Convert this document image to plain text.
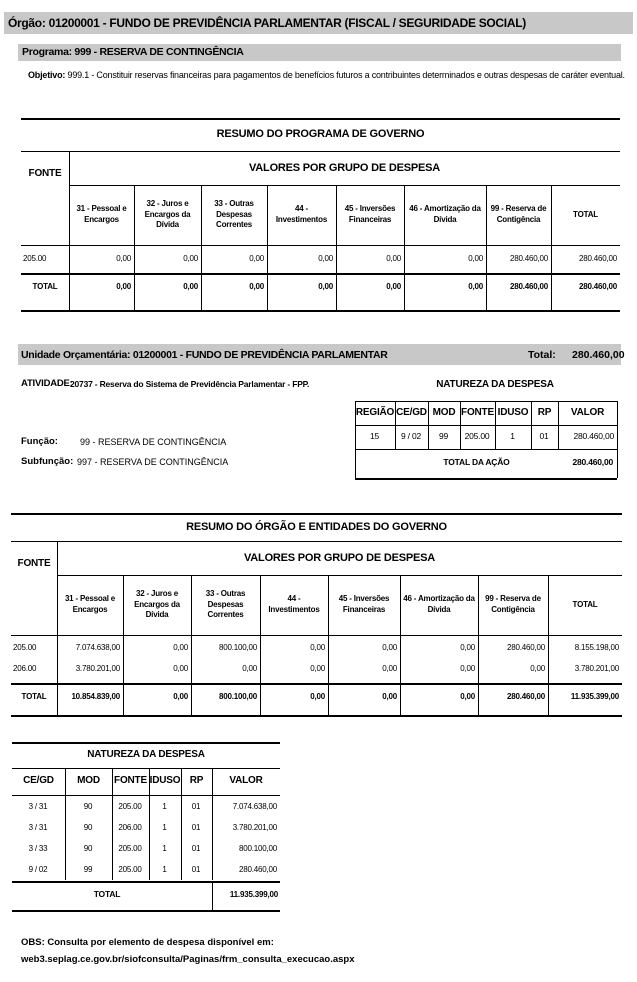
Órgão: 01200001 - FUNDO DE PREVIDÊNCIA PARLAMENTAR (FISCAL / SEGURIDADE SOCIAL)
Programa: 999 - RESERVA DE CONTINGÊNCIA
Objetivo: 999.1 - Constituir reservas financeiras para pagamentos de benefícios futuros a contribuintes determinados e outras despesas de caráter eventual.
RESUMO DO PROGRAMA DE GOVERNO
VALORES POR GRUPO DE DESPESA
FONTE
31 - Pessoal e Encargos
32 - Juros e Encargos da Dívida
33 - Outras Despesas Correntes
44 - Investimentos
45 - Inversões Financeiras
46 - Amortização da Dívida
99 - Reserva de Contigência
TOTAL
205.00	0,00	0,00	0,00	0,00	0,00	0,00	280.460,00	280.460,00
TOTAL	0,00	0,00	0,00	0,00	0,00	0,00	280.460,00	280.460,00
Unidade Orçamentária: 01200001 - FUNDO DE PREVIDÊNCIA PARLAMENTAR	Total: 280.460,00
ATIVIDADE:
20737 - Reserva do Sistema de Previdência Parlamentar - FPP.
Função: 99 - RESERVA DE CONTINGÊNCIA
Subfunção: 997 - RESERVA DE CONTINGÊNCIA
NATUREZA DA DESPESA
REGIÃO CE/GD MOD FONTE IDUSO RP	VALOR
15	9 / 02	99	205.00	1	01	280.460,00
TOTAL DA AÇÃO	280.460,00
RESUMO DO ÓRGÃO E ENTIDADES DO GOVERNO
VALORES POR GRUPO DE DESPESA
FONTE
31 - Pessoal e Encargos
32 - Juros e Encargos da Dívida
33 - Outras Despesas Correntes
44 - Investimentos
45 - Inversões Financeiras
46 - Amortização da Dívida
99 - Reserva de Contigência
TOTAL
205.00	7.074.638,00	0,00	800.100,00	0,00	0,00	0,00	280.460,00	8.155.198,00
206.00	3.780.201,00	0,00	0,00	0,00	0,00	0,00	0,00	3.780.201,00
TOTAL	10.854.839,00	0,00	800.100,00	0,00	0,00	0,00	280.460,00	11.935.399,00
NATUREZA DA DESPESA
CE/GD	MOD	FONTE IDUSO RP	VALOR
3 / 31	90	205.00	1	01	7.074.638,00
3 / 31	90	206.00	1	01	3.780.201,00
3 / 33	90	205.00	1	01	800.100,00
9 / 02	99	205.00	1	01	280.460,00
TOTAL	11.935.399,00
OBS: Consulta por elemento de despesa disponível em:
web3.seplag.ce.gov.br/siofconsulta/Paginas/frm_consulta_execucao.aspx
